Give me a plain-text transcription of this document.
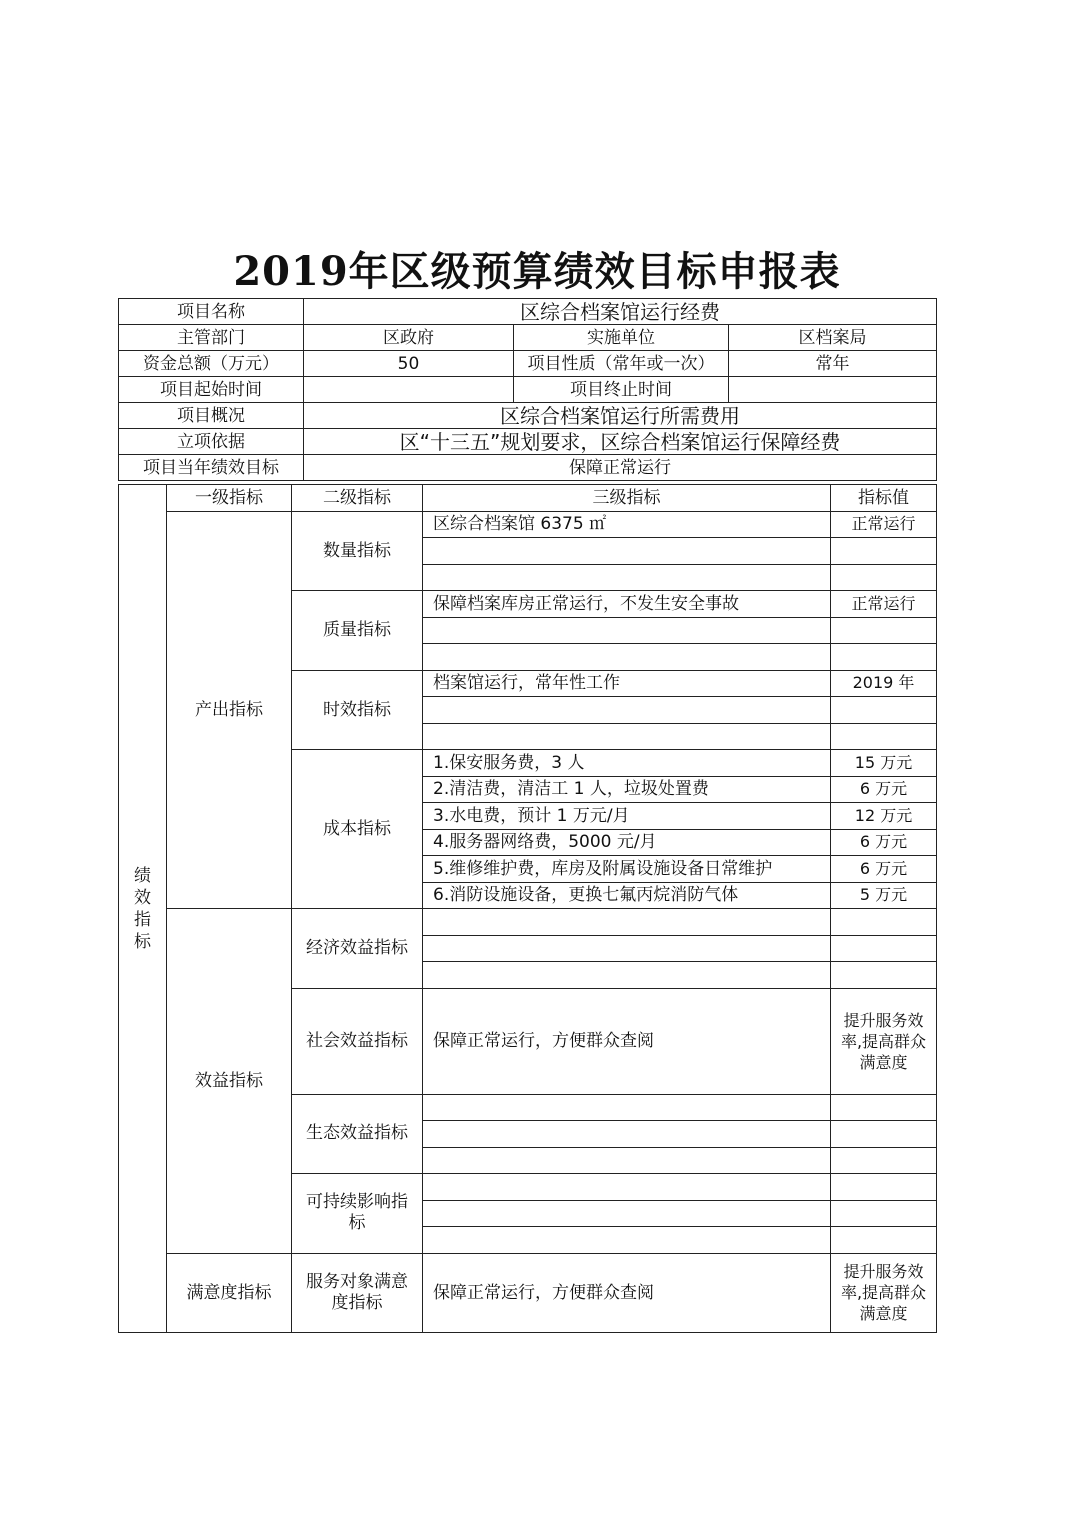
2019年区级预算绩效目标申报表
项目名称	区综合档案馆运行经费		
主管部门	区政府	实施单位	区档案局
资金总额（万元）	50	项目性质（常年或一次）	常年
项目起始时间		项目终止时间	
项目概况	区综合档案馆运行所需费用		
立项依据	区“十三五”规划要求，区综合档案馆运行保障经费		
项目当年绩效目标	保障正常运行		
绩效指标	一级指标	二级指标	三级指标	指标值
	产出指标	数量指标	区综合档案馆 6375 ㎡	正常运行

		质量指标	保障档案库房正常运行，不发生安全事故	正常运行

		时效指标	档案馆运行，常年性工作	2019 年

		成本指标	1.保安服务费，3 人	15 万元
			2.清洁费，清洁工 1 人，垃圾处置费	6 万元
			3.水电费，预计 1 万元/月	12 万元
			4.服务器网络费，5000 元/月	6 万元
			5.维修维护费，库房及附属设施设备日常维护	6 万元
			6.消防设施设备，更换七氟丙烷消防气体	5 万元
	效益指标	经济效益指标		

		社会效益指标	保障正常运行，方便群众查阅	提升服务效率,提高群众满意度

		生态效益指标		

		可持续影响指标		

	满意度指标	服务对象满意度指标	保障正常运行，方便群众查阅	提升服务效率,提高群众满意度
